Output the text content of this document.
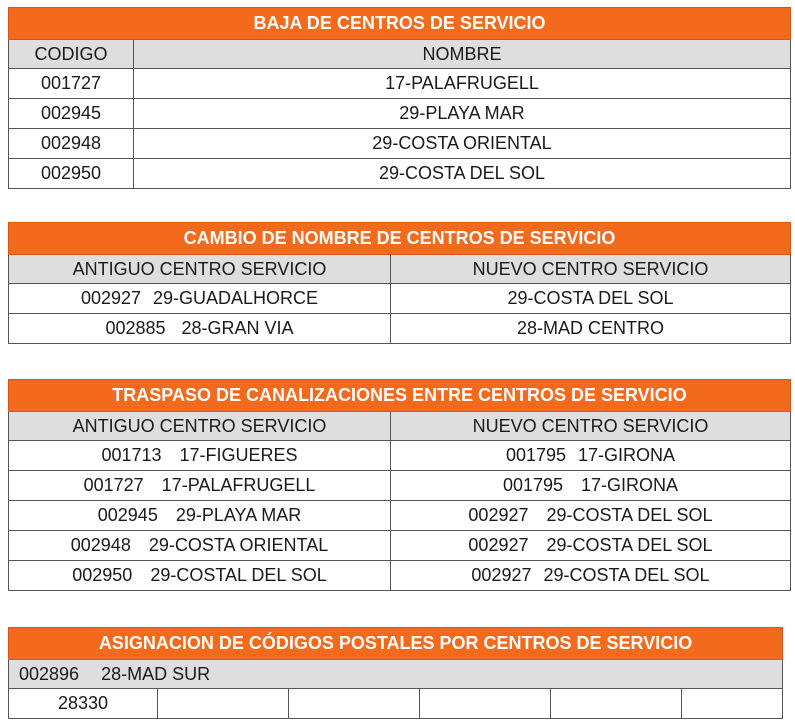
BAJA DE CENTROS DE SERVICIO	
CODIGO	NOMBRE
001727	17-PALAFRUGELL
002945	29-PLAYA MAR
002948	29-COSTA ORIENTAL
002950	29-COSTA DEL SOL
CAMBIO DE NOMBRE DE CENTROS DE SERVICIO	
ANTIGUO CENTRO SERVICIO	NUEVO CENTRO SERVICIO
002927 29-GUADALHORCE	29-COSTA DEL SOL
002885 28-GRAN VIA	28-MAD CENTRO
TRASPASO DE CANALIZACIONES ENTRE CENTROS DE SERVICIO	
ANTIGUO CENTRO SERVICIO	NUEVO CENTRO SERVICIO
001713 17-FIGUERES	001795 17-GIRONA
001727 17-PALAFRUGELL	001795 17-GIRONA
002945 29-PLAYA MAR	002927 29-COSTA DEL SOL
002948 29-COSTA ORIENTAL	002927 29-COSTA DEL SOL
002950 29-COSTAL DEL SOL	002927 29-COSTA DEL SOL
ASIGNACION DE CÓDIGOS POSTALES POR CENTROS DE SERVICIO
002896 28-MAD SUR
28330					
